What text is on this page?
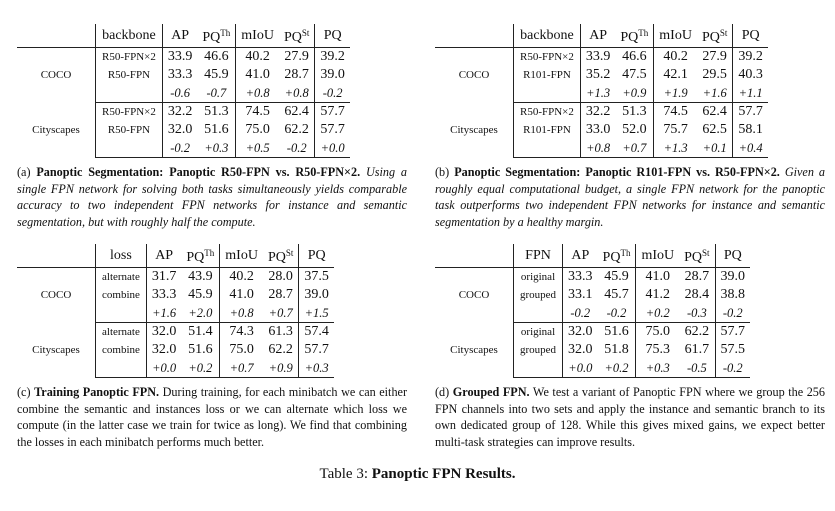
	backbone	AP	$PQ^{Th}$	mIoU	$PQ^{St}$	PQ
COCO	R50-FPN×2	33.9	46.6	40.2	27.9	39.2
	R50-FPN	33.3	45.9	41.0	28.7	39.0
		-0.6	-0.7	+0.8	+0.8	-0.2
Cityscapes	R50-FPN×2	32.2	51.3	74.5	62.4	57.7
	R50-FPN	32.0	51.6	75.0	62.2	57.7
		-0.2	+0.3	+0.5	-0.2	+0.0
(a) Panoptic Segmentation: Panoptic R50-FPN vs. R50-FPN×2. Using a single FPN network for solving both tasks simultaneously yields comparable accuracy to two independent FPN networks for instance and semantic segmentation, but with roughly half the compute.
	backbone	AP	$PQ^{Th}$	mIoU	$PQ^{St}$	PQ
COCO	R50-FPN×2	33.9	46.6	40.2	27.9	39.2
	R101-FPN	35.2	47.5	42.1	29.5	40.3
		+1.3	+0.9	+1.9	+1.6	+1.1
Cityscapes	R50-FPN×2	32.2	51.3	74.5	62.4	57.7
	R101-FPN	33.0	52.0	75.7	62.5	58.1
		+0.8	+0.7	+1.3	+0.1	+0.4
(b) Panoptic Segmentation: Panoptic R101-FPN vs. R50-FPN×2. Given a roughly equal computational budget, a single FPN network for the panoptic task outperforms two independent FPN networks for instance and semantic segmentation by a healthy margin.
	loss	AP	$PQ^{Th}$	mIoU	$PQ^{St}$	PQ
COCO	alternate	31.7	43.9	40.2	28.0	37.5
	combine	33.3	45.9	41.0	28.7	39.0
		+1.6	+2.0	+0.8	+0.7	+1.5
Cityscapes	alternate	32.0	51.4	74.3	61.3	57.4
	combine	32.0	51.6	75.0	62.2	57.7
		+0.0	+0.2	+0.7	+0.9	+0.3
(c) Training Panoptic FPN. During training, for each minibatch we can either combine the semantic and instances loss or we can alternate which loss we compute (in the latter case we train for twice as long). We find that combining the losses in each minibatch performs much better.
	FPN	AP	$PQ^{Th}$	mIoU	$PQ^{St}$	PQ
COCO	original	33.3	45.9	41.0	28.7	39.0
	grouped	33.1	45.7	41.2	28.4	38.8
		-0.2	-0.2	+0.2	-0.3	-0.2
Cityscapes	original	32.0	51.6	75.0	62.2	57.7
	grouped	32.0	51.8	75.3	61.7	57.5
		+0.0	+0.2	+0.3	-0.5	-0.2
(d) Grouped FPN. We test a variant of Panoptic FPN where we group the 256 FPN channels into two sets and apply the instance and semantic branch to its own dedicated group of 128. While this gives mixed gains, we expect better multi-task strategies can improve results.
Table 3: Panoptic FPN Results.
